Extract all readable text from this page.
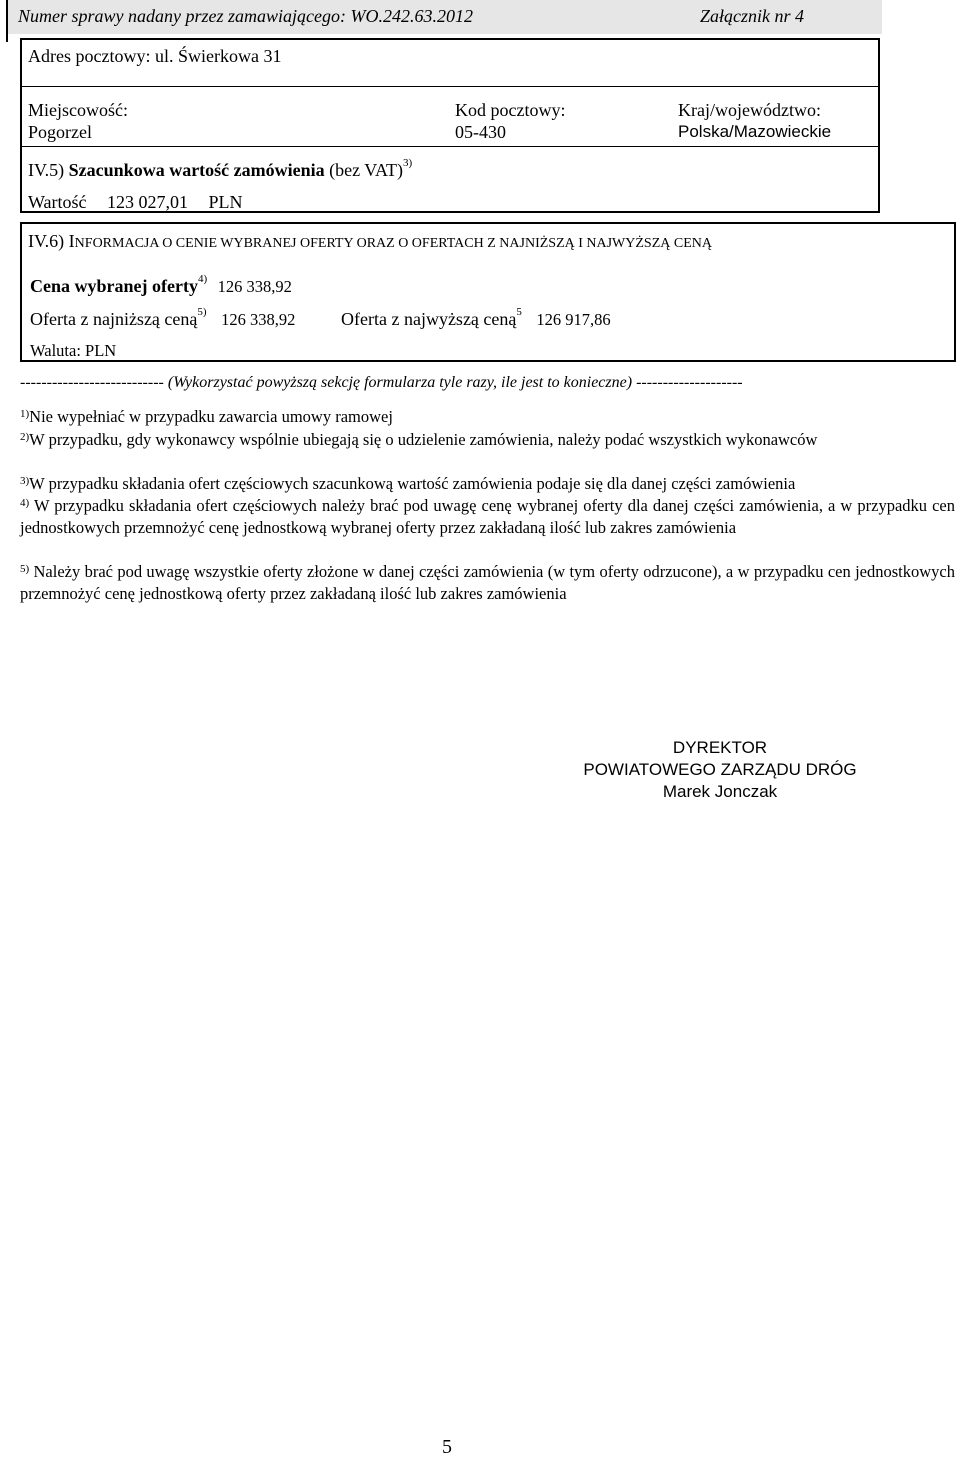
Numer sprawy nadany przez zamawiającego: WO.242.63.2012	Załącznik nr 4
Adres pocztowy: ul. Świerkowa 31
Miejscowość:
Pogorzel
Kod pocztowy:
05-430
Kraj/województwo:
Polska/Mazowieckie
IV.5) Szacunkowa wartość zamówienia (bez VAT)$^{3)}$
Wartość 123 027,01 PLN
IV.6) INFORMACJA O CENIE WYBRANEJ OFERTY ORAZ O OFERTACH Z NAJNIŻSZĄ I NAJWYŻSZĄ CENĄ
Cena wybranej oferty$^{4)}$ 126 338,92
Oferta z najniższą ceną$^{5)}$ 126 338,92	Oferta z najwyższą ceną$^5$ 126 917,86
Waluta: PLN
--------------------------- (Wykorzystać powyższą sekcję formularza tyle razy, ile jest to konieczne) --------------------
$^{1)}$Nie wypełniać w przypadku zawarcia umowy ramowej
$^{2)}$W przypadku, gdy wykonawcy wspólnie ubiegają się o udzielenie zamówienia, należy podać wszystkich wykonawców
$^{3)}$W przypadku składania ofert częściowych szacunkową wartość zamówienia podaje się dla danej części zamówienia
$^{4)}$ W przypadku składania ofert częściowych należy brać pod uwagę cenę wybranej oferty dla danej części zamówienia, a w przypadku cen jednostkowych przemnożyć cenę jednostkową wybranej oferty przez zakładaną ilość lub zakres zamówienia
$^{5)}$ Należy brać pod uwagę wszystkie oferty złożone w danej części zamówienia (w tym oferty odrzucone), a w przypadku cen jednostkowych przemnożyć cenę jednostkową oferty przez zakładaną ilość lub zakres zamówienia
DYREKTOR
POWIATOWEGO ZARZĄDU DRÓG
Marek Jonczak
5
